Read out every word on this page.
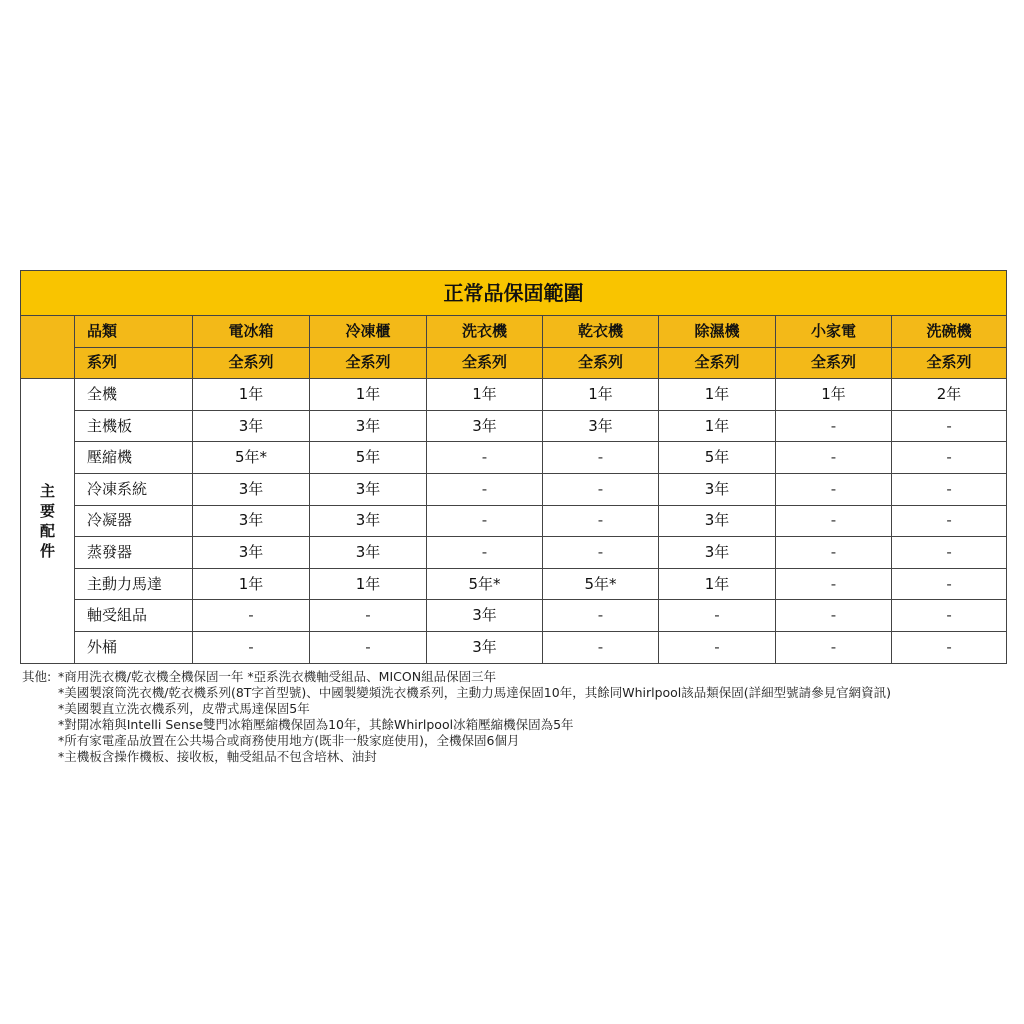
正常品保固範圍								
	品類	電冰箱	冷凍櫃	洗衣機	乾衣機	除濕機	小家電	洗碗機
	系列	全系列	全系列	全系列	全系列	全系列	全系列	全系列

主
要
配
件	全機	1年	1年	1年	1年	1年	1年	2年
	主機板	3年	3年	3年	3年	1年	-	-
	壓縮機	5年*	5年	-	-	5年	-	-
	冷凍系統	3年	3年	-	-	3年	-	-
	冷凝器	3年	3年	-	-	3年	-	-
	蒸發器	3年	3年	-	-	3年	-	-
	主動力馬達	1年	1年	5年*	5年*	1年	-	-
	軸受組品	-	-	3年	-	-	-	-
	外桶	-	-	3年	-	-	-	-
其他: *商用洗衣機/乾衣機全機保固一年 *亞系洗衣機軸受組品、MICON組品保固三年
*美國製滾筒洗衣機/乾衣機系列(8T字首型號)、中國製變頻洗衣機系列，主動力馬達保固10年，其餘同Whirlpool該品類保固(詳細型號請參見官網資訊)
*美國製直立洗衣機系列，皮帶式馬達保固5年
*對開冰箱與Intelli Sense雙門冰箱壓縮機保固為10年，其餘Whirlpool冰箱壓縮機保固為5年
*所有家電產品放置在公共場合或商務使用地方(既非一般家庭使用)，全機保固6個月
*主機板含操作機板、接收板，軸受組品不包含培林、油封
